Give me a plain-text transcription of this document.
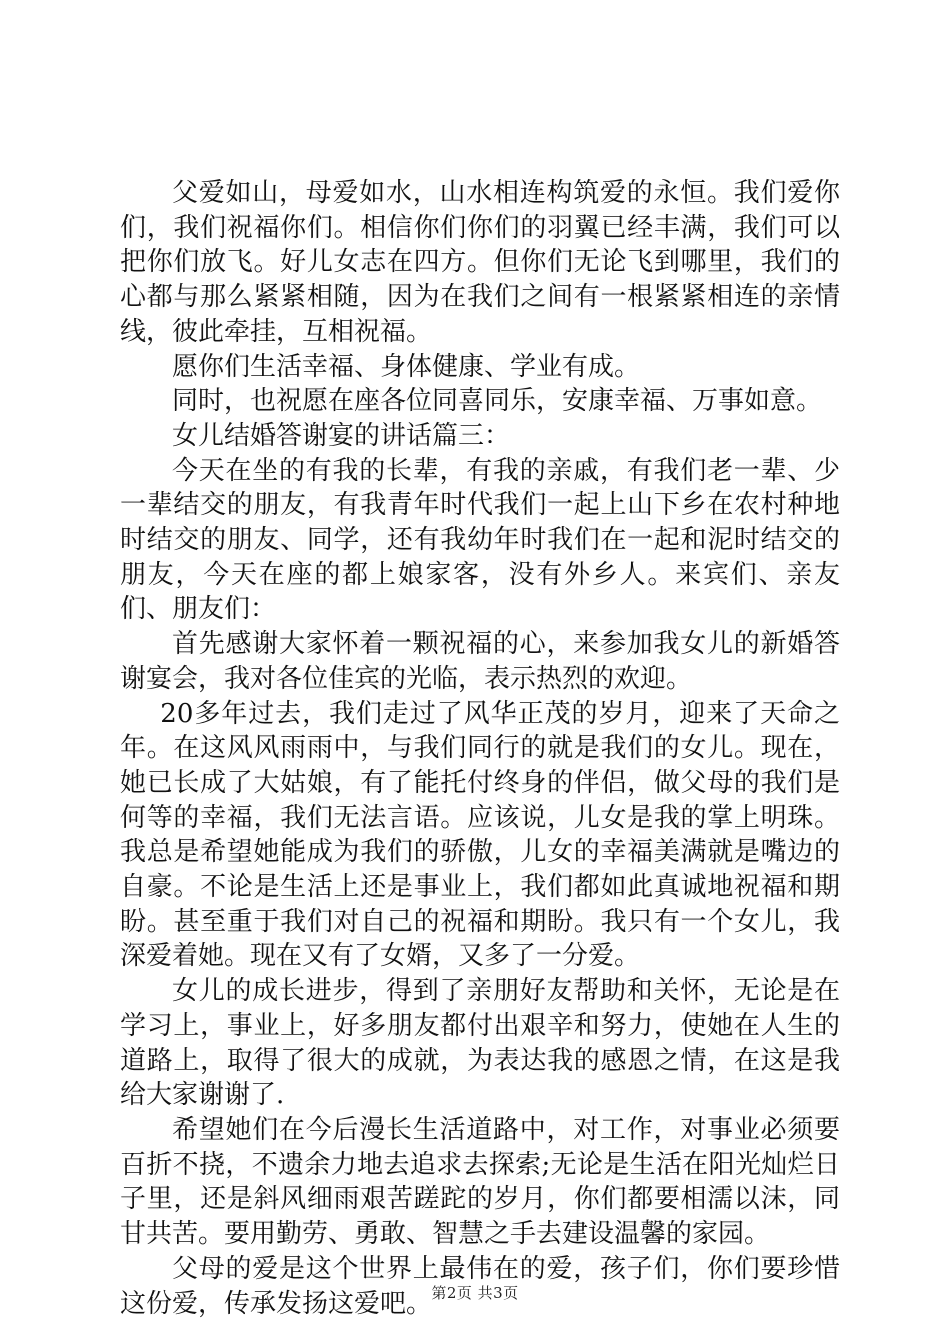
父爱如山，母爱如水，山水相连构筑爱的永恒。我们爱你们，我们祝福你们。相信你们你们的羽翼已经丰满，我们可以把你们放飞。好儿女志在四方。但你们无论飞到哪里，我们的心都与那么紧紧相随，因为在我们之间有一根紧紧相连的亲情线，彼此牵挂，互相祝福。

愿你们生活幸福、身体健康、学业有成。

同时，也祝愿在座各位同喜同乐，安康幸福、万事如意。

女儿结婚答谢宴的讲话篇三：

今天在坐的有我的长辈，有我的亲戚，有我们老一辈、少一辈结交的朋友，有我青年时代我们一起上山下乡在农村种地时结交的朋友、同学，还有我幼年时我们在一起和泥时结交的朋友，今天在座的都上娘家客，没有外乡人。来宾们、亲友们、朋友们：

首先感谢大家怀着一颗祝福的心，来参加我女儿的新婚答谢宴会，我对各位佳宾的光临，表示热烈的欢迎。

20多年过去，我们走过了风华正茂的岁月，迎来了天命之年。在这风风雨雨中，与我们同行的就是我们的女儿。现在，她已长成了大姑娘，有了能托付终身的伴侣，做父母的我们是何等的幸福，我们无法言语。应该说，儿女是我的掌上明珠。我总是希望她能成为我们的骄傲，儿女的幸福美满就是嘴边的自豪。不论是生活上还是事业上，我们都如此真诚地祝福和期盼。甚至重于我们对自己的祝福和期盼。我只有一个女儿，我深爱着她。现在又有了女婿，又多了一分爱。

女儿的成长进步，得到了亲朋好友帮助和关怀，无论是在学习上，事业上，好多朋友都付出艰辛和努力，使她在人生的道路上，取得了很大的成就，为表达我的感恩之情，在这是我给大家谢谢了.

希望她们在今后漫长生活道路中，对工作，对事业必须要百折不挠，不遗余力地去追求去探索;无论是生活在阳光灿烂日子里，还是斜风细雨艰苦蹉跎的岁月，你们都要相濡以沫，同甘共苦。要用勤劳、勇敢、智慧之手去建设温馨的家园。

父母的爱是这个世界上最伟在的爱，孩子们，你们要珍惜这份爱，传承发扬这爱吧。 第2页 共3页
